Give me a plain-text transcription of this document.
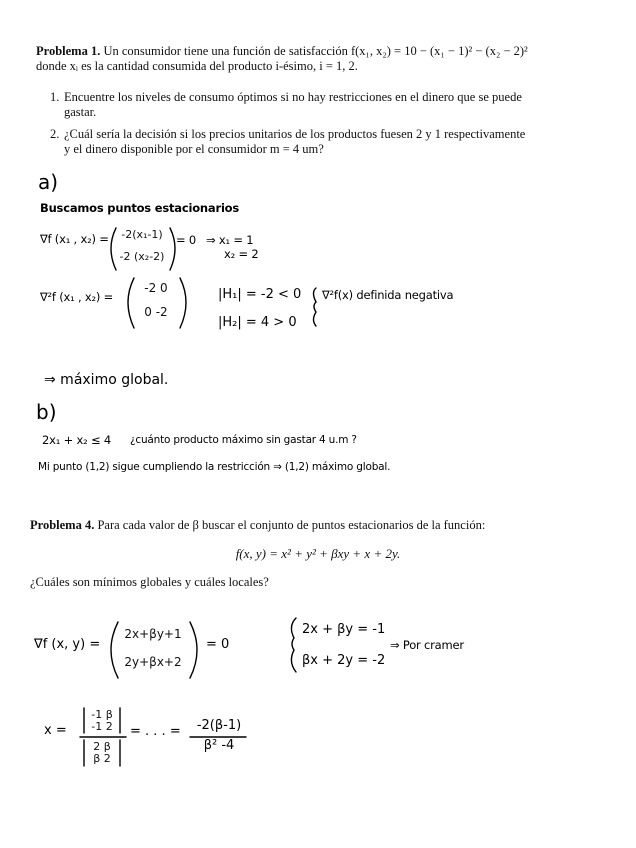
Problema 1. Un consumidor tiene una función de satisfacción f(x₁, x₂) = 10 − (x₁ − 1)² − (x₂ − 2)²
donde xᵢ es la cantidad consumida del producto i-ésimo, i = 1, 2.
1. Encuentre los niveles de consumo óptimos si no hay restricciones en el dinero que se puede
gastar.
2. ¿Cuál sería la decisión si los precios unitarios de los productos fuesen 2 y 1 respectivamente
y el dinero disponible por el consumidor m = 4 um?
a)
Buscamos puntos estacionarios
∇f (x₁ , x₂) =	-2(x₁-1)
-2 (x₂-2)
= 0 ⇒ x₁ = 1
x₂ = 2
∇²f (x₁ , x₂) =
-2 0
0 -2
|H₁| = -2 < 0
|H₂| = 4 > 0
∇²f(x) definida negativa
⇒ máximo global.
b)
2x₁ + x₂ ≤ 4 ¿cuánto producto máximo sin gastar 4 u.m ?
Mi punto (1,2) sigue cumpliendo la restricción ⇒ (1,2) máximo global.
Problema 4. Para cada valor de β buscar el conjunto de puntos estacionarios de la función:
f(x, y) = x² + y² + βxy + x + 2y.
¿Cuáles son mínimos globales y cuáles locales?
∇f (x, y) =
2x+βy+1
2y+βx+2
= 0
2x + βy = -1
βx + 2y = -2
⇒ Por cramer
x =
-1 β
-1 2
2 β
β 2
= . . . =	-2(β-1)
β² -4
